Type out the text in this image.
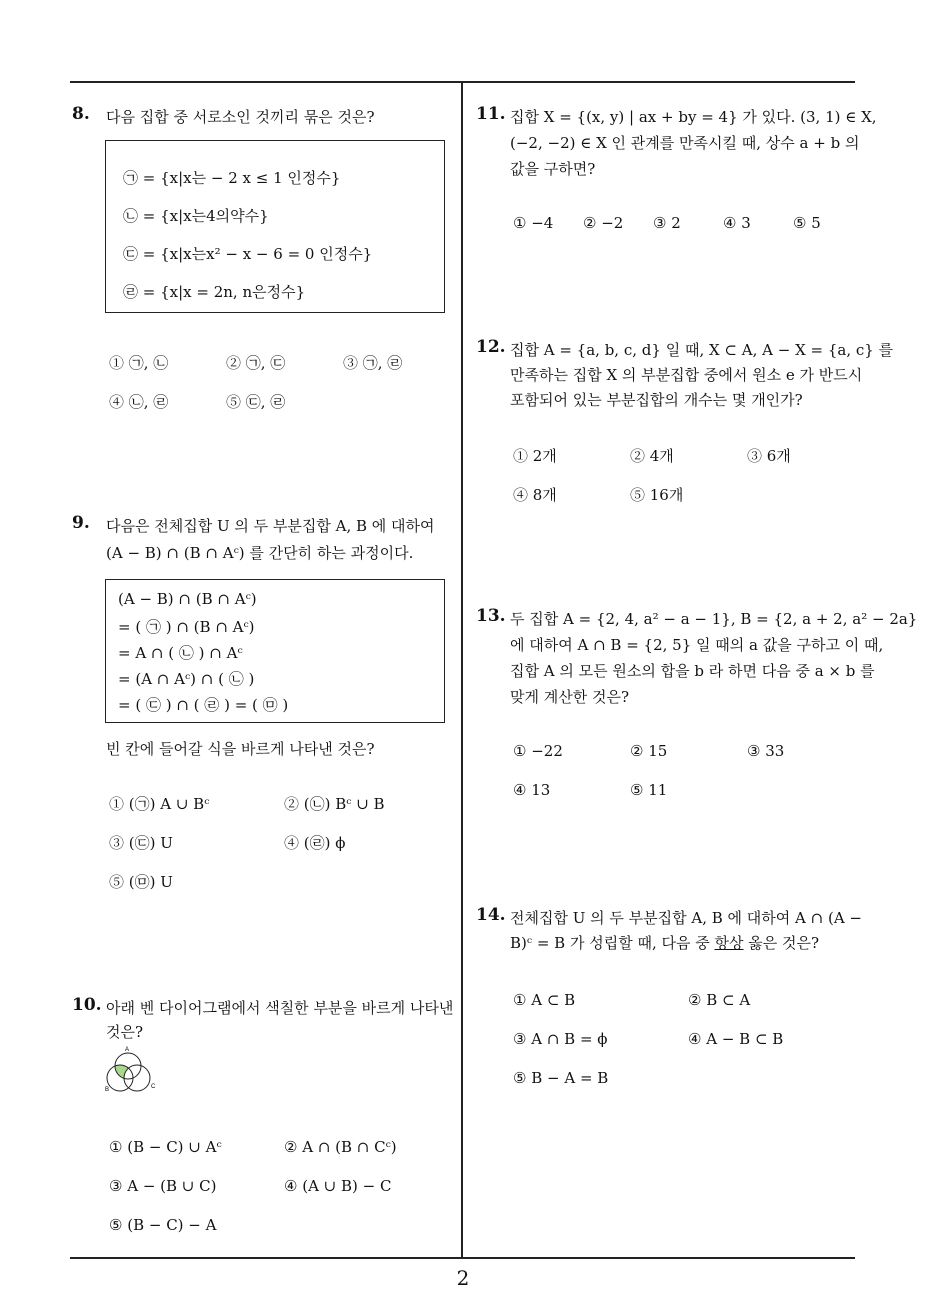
8. 다음 집합 중 서로소인 것끼리 묶은 것은?
㉠ = {x|x는 − 2 x ≤ 1 인정수}
㉡ = {x|x는4의약수}
㉢ = {x|x는x² − x − 6 = 0 인정수}
㉣ = {x|x = 2n, n은정수}
① ㉠, ㉡	② ㉠, ㉢	③ ㉠, ㉣
④ ㉡, ㉣	⑤ ㉢, ㉣
9. 다음은 전체집합 U 의 두 부분집합 A, B 에 대하여
(A − B) ∩ (B ∩ Aᶜ) 를 간단히 하는 과정이다.
(A − B) ∩ (B ∩ Aᶜ)
= ( ㉠ ) ∩ (B ∩ Aᶜ)
= A ∩ ( ㉡ ) ∩ Aᶜ
= (A ∩ Aᶜ) ∩ ( ㉡ )
= ( ㉢ ) ∩ ( ㉣ ) = ( ㉤ )
빈 칸에 들어갈 식을 바르게 나타낸 것은?
① (㉠) A ∪ Bᶜ	② (㉡) Bᶜ ∪ B
③ (㉢) U	④ (㉣) ϕ
⑤ (㉤) U
10. 아래 벤 다이어그램에서 색칠한 부분을 바르게 나타낸
것은?
A
B	C
① (B − C) ∪ Aᶜ	② A ∩ (B ∩ Cᶜ)
③ A − (B ∪ C)	④ (A ∪ B) − C
⑤ (B − C) − A
11. 집합 X = {(x, y) | ax + by = 4} 가 있다. (3, 1) ∈ X,
(−2, −2) ∈ X 인 관계를 만족시킬 때, 상수 a + b 의
값을 구하면?
① −4 ② −2 ③ 2	④ 3	⑤ 5
12. 집합 A = {a, b, c, d} 일 때, X ⊂ A, A − X = {a, c} 를
만족하는 집합 X 의 부분집합 중에서 원소 e 가 반드시
포함되어 있는 부분집합의 개수는 몇 개인가?
① 2개	② 4개	③ 6개
④ 8개	⑤ 16개
13. 두 집합 A = {2, 4, a² − a − 1}, B = {2, a + 2, a² − 2a}
에 대하여 A ∩ B = {2, 5} 일 때의 a 값을 구하고 이 때,
집합 A 의 모든 원소의 합을 b 라 하면 다음 중 a × b 를
맞게 계산한 것은?
① −22	② 15	③ 33
④ 13	⑤ 11
14. 전체집합 U 의 두 부분집합 A, B 에 대하여 A ∩ (A −
B)ᶜ = B 가 성립할 때, 다음 중 항상 옳은 것은?
① A ⊂ B	② B ⊂ A
③ A ∩ B = ϕ	④ A − B ⊂ B
⑤ B − A = B
2
